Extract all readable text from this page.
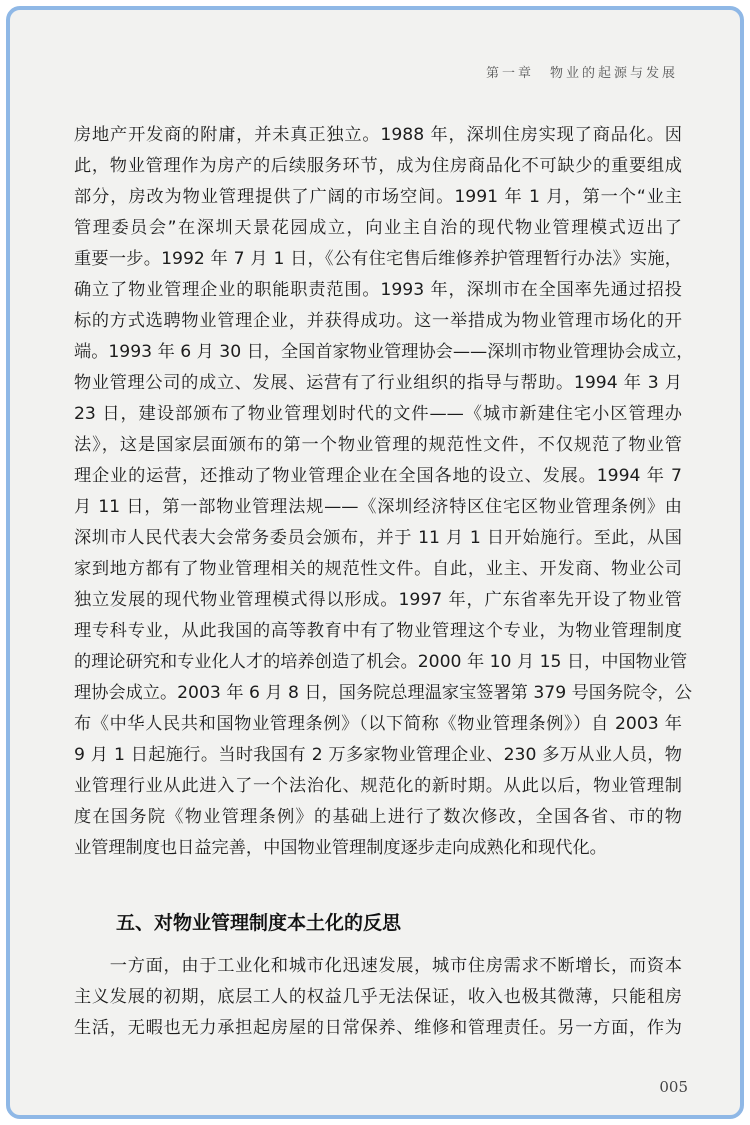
第一章　物业的起源与发展
房地产开发商的附庸，并未真正独立。1988 年，深圳住房实现了商品化。因
此，物业管理作为房产的后续服务环节，成为住房商品化不可缺少的重要组成
部分，房改为物业管理提供了广阔的市场空间。1991 年 1 月，第一个“业主
管理委员会”在深圳天景花园成立，向业主自治的现代物业管理模式迈出了
重要一步。1992 年 7 月 1 日，《公有住宅售后维修养护管理暂行办法》实施，
确立了物业管理企业的职能职责范围。1993 年，深圳市在全国率先通过招投
标的方式选聘物业管理企业，并获得成功。这一举措成为物业管理市场化的开
端。1993 年 6 月 30 日，全国首家物业管理协会——深圳市物业管理协会成立，
物业管理公司的成立、发展、运营有了行业组织的指导与帮助。1994 年 3 月
23 日，建设部颁布了物业管理划时代的文件——《城市新建住宅小区管理办
法》，这是国家层面颁布的第一个物业管理的规范性文件，不仅规范了物业管
理企业的运营，还推动了物业管理企业在全国各地的设立、发展。1994 年 7
月 11 日，第一部物业管理法规——《深圳经济特区住宅区物业管理条例》由
深圳市人民代表大会常务委员会颁布，并于 11 月 1 日开始施行。至此，从国
家到地方都有了物业管理相关的规范性文件。自此，业主、开发商、物业公司
独立发展的现代物业管理模式得以形成。1997 年，广东省率先开设了物业管
理专科专业，从此我国的高等教育中有了物业管理这个专业，为物业管理制度
的理论研究和专业化人才的培养创造了机会。2000 年 10 月 15 日，中国物业管
理协会成立。2003 年 6 月 8 日，国务院总理温家宝签署第 379 号国务院令，公
布《中华人民共和国物业管理条例》（以下简称《物业管理条例》）自 2003 年
9 月 1 日起施行。当时我国有 2 万多家物业管理企业、230 多万从业人员，物
业管理行业从此进入了一个法治化、规范化的新时期。从此以后，物业管理制
度在国务院《物业管理条例》的基础上进行了数次修改，全国各省、市的物
业管理制度也日益完善，中国物业管理制度逐步走向成熟化和现代化。
五、对物业管理制度本土化的反思
　　一方面，由于工业化和城市化迅速发展，城市住房需求不断增长，而资本
主义发展的初期，底层工人的权益几乎无法保证，收入也极其微薄，只能租房
生活，无暇也无力承担起房屋的日常保养、维修和管理责任。另一方面，作为
005
